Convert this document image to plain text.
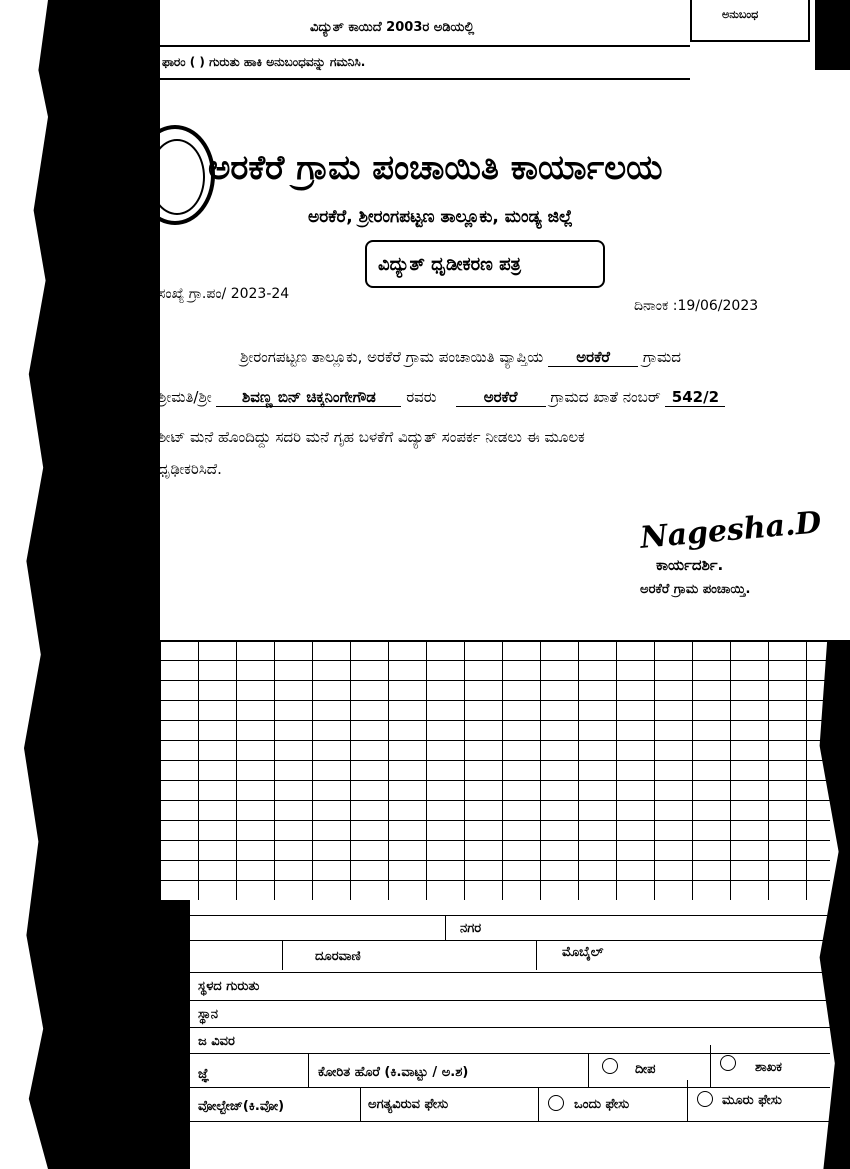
ವಿದ್ಯುತ್ ಕಾಯಿದೆ 2003ರ ಅಡಿಯಲ್ಲಿ
ಫಾರಂ ( ) ಗುರುತು ಹಾಕಿ ಅನುಬಂಧವನ್ನು ಗಮನಿಸಿ.
ಅನುಬಂಧ
ಅರಕೆರೆ ಗ್ರಾಮ ಪಂಚಾಯಿತಿ ಕಾರ್ಯಾಲಯ
ಅರಕೆರೆ, ಶ್ರೀರಂಗಪಟ್ಟಣ ತಾಲ್ಲೂಕು, ಮಂಡ್ಯ ಜಿಲ್ಲೆ
ವಿದ್ಯುತ್ ಧೃಡೀಕರಣ ಪತ್ರ
ಸಂಖ್ಯೆ ಗ್ರಾ.ಪಂ/ 2023-24
ದಿನಾಂಕ :19/06/2023
ಶ್ರೀರಂಗಪಟ್ಟಣ ತಾಲ್ಲೂಕು, ಅರಕೆರೆ ಗ್ರಾಮ ಪಂಚಾಯಿತಿ ವ್ಯಾಪ್ತಿಯ ಅರಕೆರೆ ಗ್ರಾಮದ
ಶ್ರೀಮತಿ/ಶ್ರೀ ಶಿವಣ್ಣ ಬಿನ್ ಚಿಕ್ಕನಿಂಗೇಗೌಡ ರವರು	ಅರಕೆರೆ ಗ್ರಾಮದ ಖಾತೆ ನಂಬರ್ 542/2
ಶೀಟ್ ಮನೆ ಹೊಂದಿದ್ದು ಸದರಿ ಮನೆ ಗೃಹ ಬಳಕೆಗೆ ವಿದ್ಯುತ್ ಸಂಪರ್ಕ ನೀಡಲು ಈ ಮೂಲಕ
ಧೃಢೀಕರಿಸಿದೆ.
Nagesha.D
ಕಾರ್ಯದರ್ಶಿ.
ಅರಕೆರೆ ಗ್ರಾಮ ಪಂಚಾಯ್ತಿ.
ನಗರ
ದೂರವಾಣಿ	ಮೊಬೈಲ್
ಸ್ಥಳದ ಗುರುತು
ಸ್ಥಾನ
ಜ ವಿವರ
ಜ್ಞೆ	ಕೋರಿತ ಹೊರೆ (ಕಿ.ವಾಟ್ಟು / ಅ.ಶ)	ದೀಪ	ಶಾಖಕ
ವೋಲ್ಟೇಜ್(ಕಿ.ವೋ)	ಅಗತ್ಯವಿರುವ ಫೇಸು	ಒಂದು ಫೇಸು	ಮೂರು ಫೇಸು
